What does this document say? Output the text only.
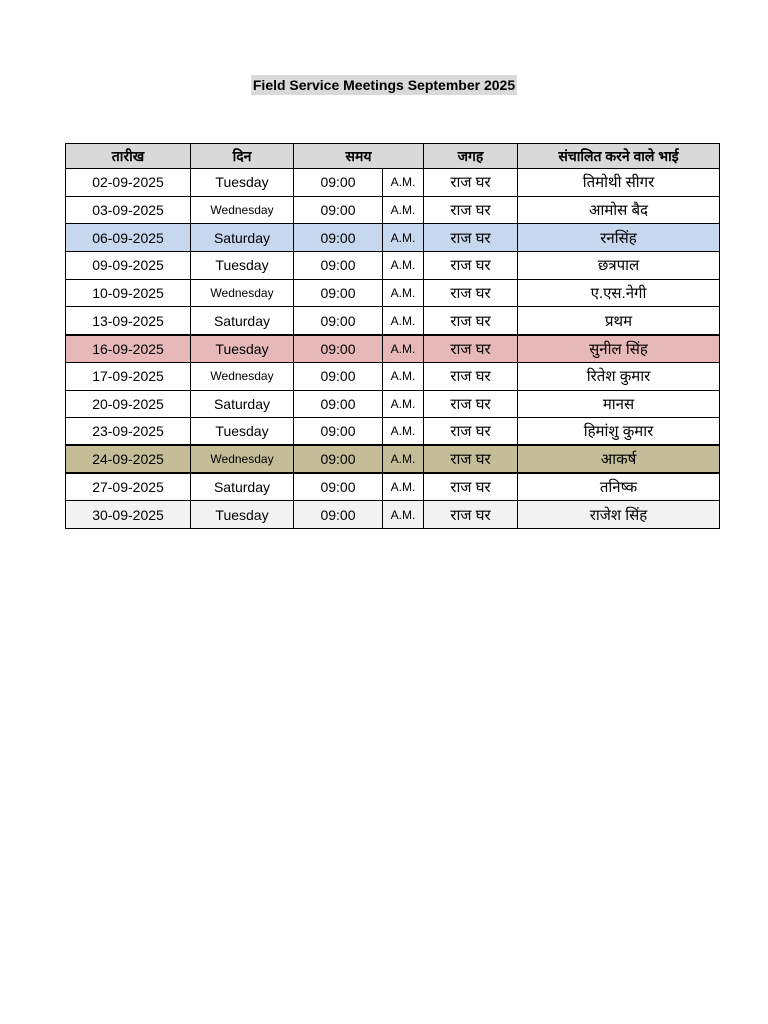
Field Service Meetings September 2025
तारीख	दिन	समय		जगह	संचालित करने वाले भाई
02-09-2025	Tuesday	09:00	A.M.	राज घर	तिमोथी सीगर
03-09-2025	Wednesday	09:00	A.M.	राज घर	आमोस बैद
06-09-2025	Saturday	09:00	A.M.	राज घर	रनसिंह
09-09-2025	Tuesday	09:00	A.M.	राज घर	छत्रपाल
10-09-2025	Wednesday	09:00	A.M.	राज घर	ए.एस.नेगी
13-09-2025	Saturday	09:00	A.M.	राज घर	प्रथम
16-09-2025	Tuesday	09:00	A.M.	राज घर	सुनील सिंह
17-09-2025	Wednesday	09:00	A.M.	राज घर	रितेश कुमार
20-09-2025	Saturday	09:00	A.M.	राज घर	मानस
23-09-2025	Tuesday	09:00	A.M.	राज घर	हिमांशु कुमार
24-09-2025	Wednesday	09:00	A.M.	राज घर	आकर्ष
27-09-2025	Saturday	09:00	A.M.	राज घर	तनिष्क
30-09-2025	Tuesday	09:00	A.M.	राज घर	राजेश सिंह
